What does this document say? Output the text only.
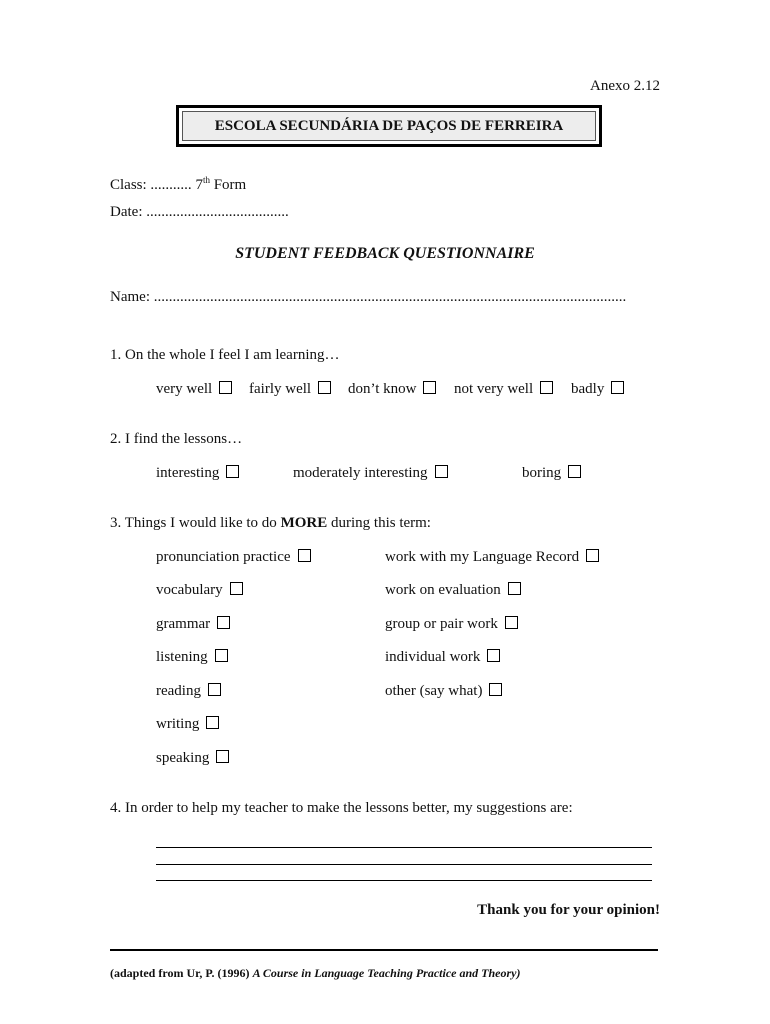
Anexo 2.12
ESCOLA SECUNDÁRIA DE PAÇOS DE FERREIRA
Class: ........... 7th Form
Date: ......................................
STUDENT FEEDBACK QUESTIONNAIRE
Name: ..............................................................................................................................
1. On the whole I feel I am learning…
very well	fairly well	don’t know	not very well	badly
2. I find the lessons…
interesting	moderately interesting	boring
3. Things I would like to do MORE during this term:
pronunciation practice
vocabulary
grammar
listening
reading
writing
speaking
work with my Language Record
work on evaluation
group or pair work
individual work
other (say what)
4. In order to help my teacher to make the lessons better, my suggestions are:
Thank you for your opinion!
(adapted from Ur, P. (1996) A Course in Language Teaching Practice and Theory)
